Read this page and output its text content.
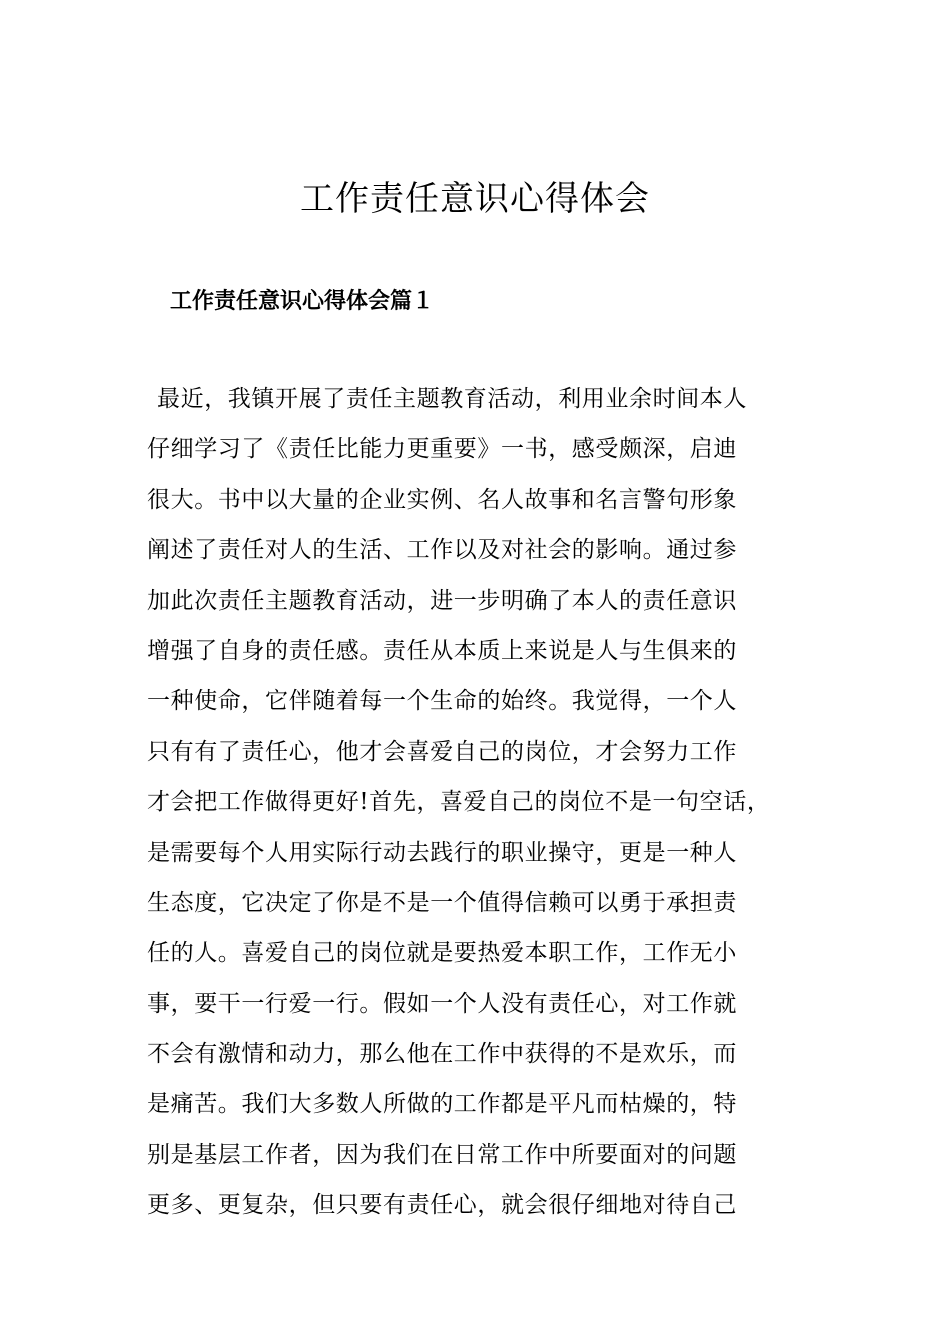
工作责任意识心得体会
工作责任意识心得体会篇１
最近，我镇开展了责任主题教育活动，利用业余时间本人
仔细学习了《责任比能力更重要》一书，感受颇深，启迪
很大。书中以大量的企业实例、名人故事和名言警句形象
阐述了责任对人的生活、工作以及对社会的影响。通过参
加此次责任主题教育活动，进一步明确了本人的责任意识
增强了自身的责任感。责任从本质上来说是人与生俱来的
一种使命，它伴随着每一个生命的始终。我觉得，一个人
只有有了责任心，他才会喜爱自己的岗位，才会努力工作
才会把工作做得更好!首先，喜爱自己的岗位不是一句空话，
是需要每个人用实际行动去践行的职业操守，更是一种人
生态度，它决定了你是不是一个值得信赖可以勇于承担责
任的人。喜爱自己的岗位就是要热爱本职工作，工作无小
事，要干一行爱一行。假如一个人没有责任心，对工作就
不会有激情和动力，那么他在工作中获得的不是欢乐，而
是痛苦。我们大多数人所做的工作都是平凡而枯燥的，特
别是基层工作者，因为我们在日常工作中所要面对的问题
更多、更复杂，但只要有责任心，就会很仔细地对待自己
